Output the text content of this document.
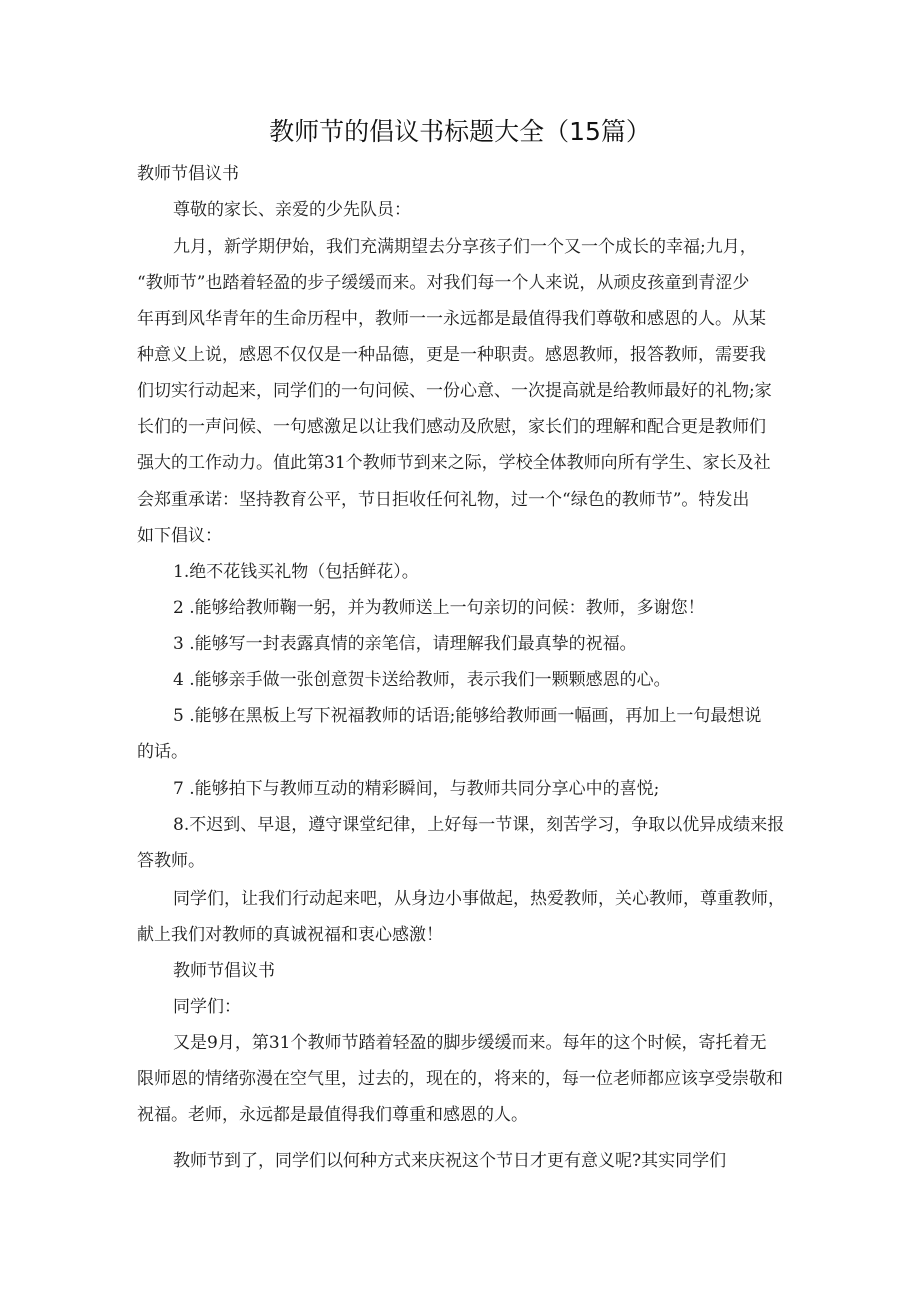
教师节的倡议书标题大全（15篇）
教师节倡议书
尊敬的家长、亲爱的少先队员：
九月，新学期伊始，我们充满期望去分享孩子们一个又一个成长的幸福;九月，
“教师节”也踏着轻盈的步子缓缓而来。对我们每一个人来说，从顽皮孩童到青涩少
年再到风华青年的生命历程中，教师一一永远都是最值得我们尊敬和感恩的人。从某
种意义上说，感恩不仅仅是一种品德，更是一种职责。感恩教师，报答教师，需要我
们切实行动起来，同学们的一句问候、一份心意、一次提高就是给教师最好的礼物;家
长们的一声问候、一句感激足以让我们感动及欣慰，家长们的理解和配合更是教师们
强大的工作动力。值此第31个教师节到来之际，学校全体教师向所有学生、家长及社
会郑重承诺：坚持教育公平，节日拒收任何礼物，过一个“绿色的教师节”。特发出
如下倡议：
1.绝不花钱买礼物（包括鲜花）。
2 .能够给教师鞠一躬，并为教师送上一句亲切的问候：教师，多谢您！
3 .能够写一封表露真情的亲笔信，请理解我们最真挚的祝福。
4 .能够亲手做一张创意贺卡送给教师，表示我们一颗颗感恩的心。
5 .能够在黑板上写下祝福教师的话语;能够给教师画一幅画，再加上一句最想说
的话。
7 .能够拍下与教师互动的精彩瞬间，与教师共同分享心中的喜悦;
8.不迟到、早退，遵守课堂纪律，上好每一节课，刻苦学习，争取以优异成绩来报
答教师。
同学们，让我们行动起来吧，从身边小事做起，热爱教师，关心教师，尊重教师，
献上我们对教师的真诚祝福和衷心感激！
教师节倡议书
同学们：
又是9月，第31个教师节踏着轻盈的脚步缓缓而来。每年的这个时候，寄托着无
限师恩的情绪弥漫在空气里，过去的，现在的，将来的，每一位老师都应该享受崇敬和
祝福。老师，永远都是最值得我们尊重和感恩的人。
教师节到了，同学们以何种方式来庆祝这个节日才更有意义呢?其实同学们
